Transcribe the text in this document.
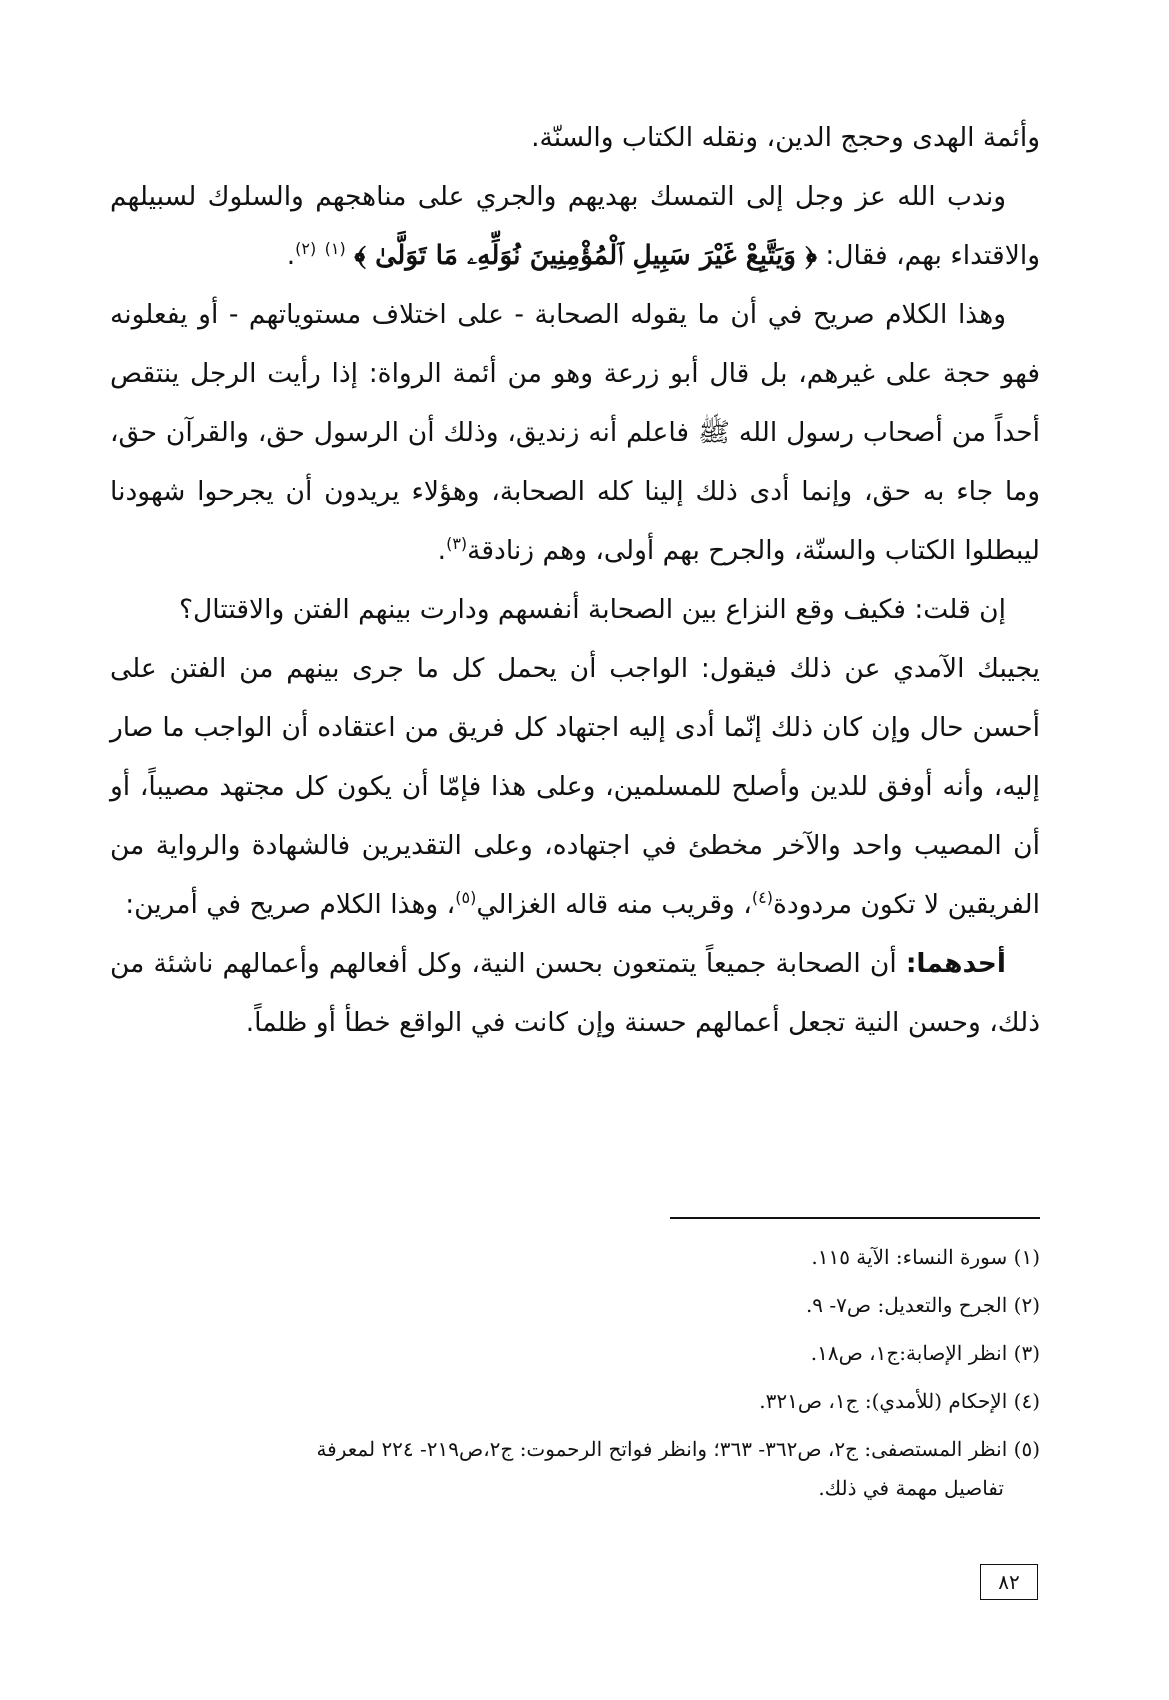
وأئمة الهدى وحجج الدين، ونقله الكتاب والسنّة.

وندب الله عز وجل إلى التمسك بهديهم والجري على مناهجهم والسلوك لسبيلهم والاقتداء بهم، فقال: ﴿ وَيَتَّبِعْ غَيْرَ سَبِيلِ ٱلْمُؤْمِنِينَ نُوَلِّهِۦ مَا تَوَلَّىٰ ﴾ $^{(١)}$ $^{(٢)}$.

وهذا الكلام صريح في أن ما يقوله الصحابة - على اختلاف مستوياتهم - أو يفعلونه فهو حجة على غيرهم، بل قال أبو زرعة وهو من أئمة الرواة: إذا رأيت الرجل ينتقص أحداً من أصحاب رسول الله ﷺ فاعلم أنه زنديق، وذلك أن الرسول حق، والقرآن حق، وما جاء به حق، وإنما أدى ذلك إلينا كله الصحابة، وهؤلاء يريدون أن يجرحوا شهودنا ليبطلوا الكتاب والسنّة، والجرح بهم أولى، وهم زنادقة$^{(٣)}$.

إن قلت: فكيف وقع النزاع بين الصحابة أنفسهم ودارت بينهم الفتن والاقتتال؟

يجيبك الآمدي عن ذلك فيقول: الواجب أن يحمل كل ما جرى بينهم من الفتن على أحسن حال وإن كان ذلك إنّما أدى إليه اجتهاد كل فريق من اعتقاده أن الواجب ما صار إليه، وأنه أوفق للدين وأصلح للمسلمين، وعلى هذا فإمّا أن يكون كل مجتهد مصيباً، أو أن المصيب واحد والآخر مخطئ في اجتهاده، وعلى التقديرين فالشهادة والرواية من الفريقين لا تكون مردودة$^{(٤)}$، وقريب منه قاله الغزالي$^{(٥)}$، وهذا الكلام صريح في أمرين:

أحدهما: أن الصحابة جميعاً يتمتعون بحسن النية، وكل أفعالهم وأعمالهم ناشئة من ذلك، وحسن النية تجعل أعمالهم حسنة وإن كانت في الواقع خطأ أو ظلماً.

(١) سورة النساء: الآية ١١٥.

(٢) الجرح والتعديل: ص٧- ٩.

(٣) انظر الإصابة:ج١، ص١٨.

(٤) الإحكام (للأمدي): ج١، ص٣٢١.

(٥) انظر المستصفى: ج٢، ص٣٦٢- ٣٦٣؛ وانظر فواتح الرحموت: ج٢،ص٢١٩- ٢٢٤ لمعرفة
تفاصيل مهمة في ذلك.

٨٢
